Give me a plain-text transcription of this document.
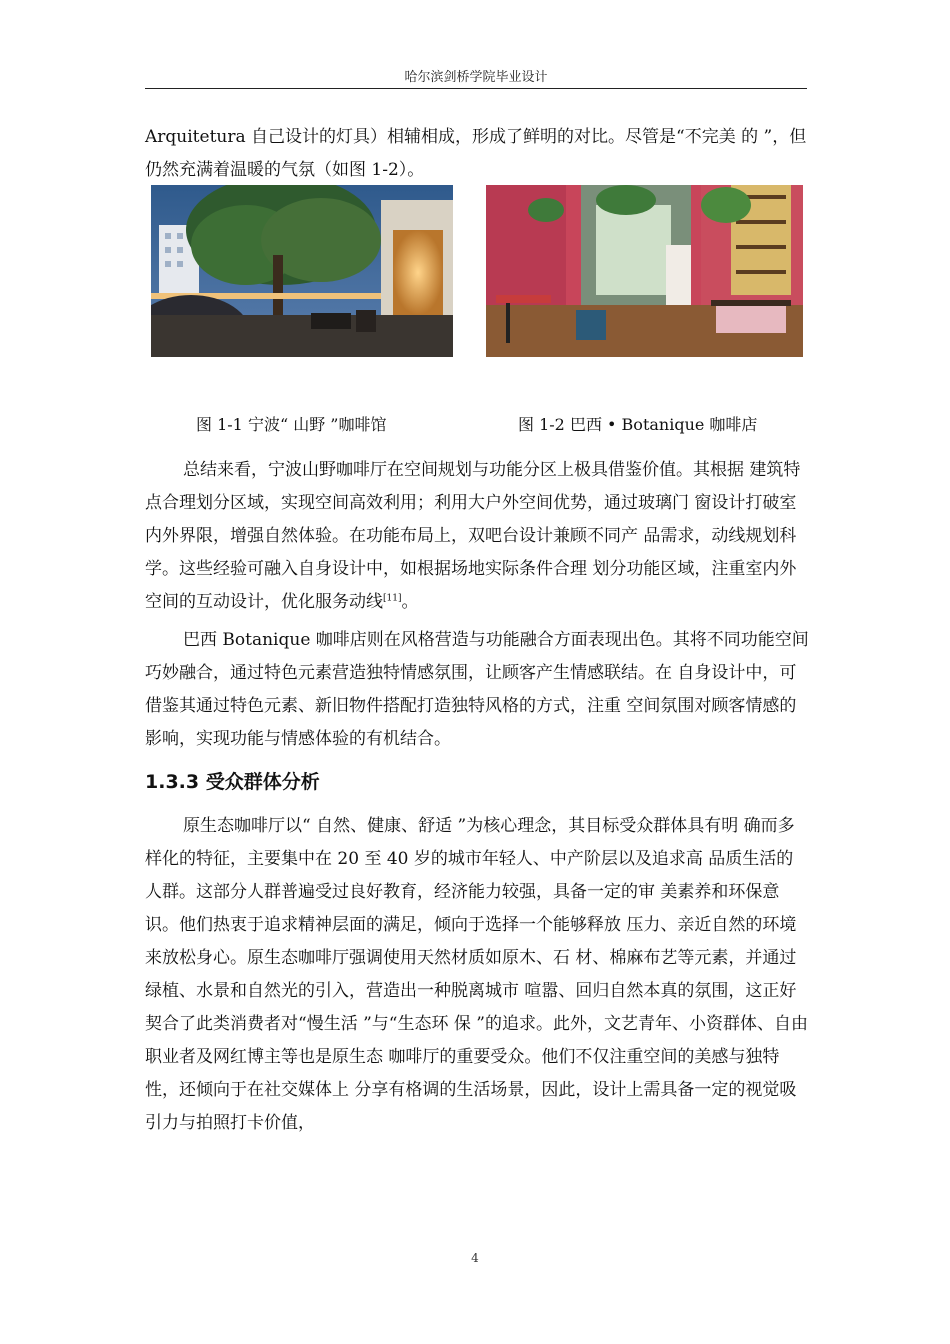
哈尔滨剑桥学院毕业设计
Arquitetura 自己设计的灯具）相辅相成，形成了鲜明的对比。尽管是“不完美 的 ”，但仍然充满着温暖的气氛（如图 1-2）。
图 1-1 宁波“ 山野 ”咖啡馆	图 1-2 巴西 • Botanique 咖啡店
总结来看，宁波山野咖啡厅在空间规划与功能分区上极具借鉴价值。其根据 建筑特点合理划分区域，实现空间高效利用；利用大户外空间优势，通过玻璃门 窗设计打破室内外界限，增强自然体验。在功能布局上，双吧台设计兼顾不同产 品需求，动线规划科学。这些经验可融入自身设计中，如根据场地实际条件合理 划分功能区域，注重室内外空间的互动设计，优化服务动线[11]。
巴西 Botanique 咖啡店则在风格营造与功能融合方面表现出色。其将不同功能空间巧妙融合，通过特色元素营造独特情感氛围，让顾客产生情感联结。在 自身设计中，可借鉴其通过特色元素、新旧物件搭配打造独特风格的方式，注重 空间氛围对顾客情感的影响，实现功能与情感体验的有机结合。
1.3.3 受众群体分析
原生态咖啡厅以“ 自然、健康、舒适 ”为核心理念，其目标受众群体具有明 确而多样化的特征，主要集中在 20 至 40 岁的城市年轻人、中产阶层以及追求高 品质生活的人群。这部分人群普遍受过良好教育，经济能力较强，具备一定的审 美素养和环保意识。他们热衷于追求精神层面的满足，倾向于选择一个能够释放 压力、亲近自然的环境来放松身心。原生态咖啡厅强调使用天然材质如原木、石 材、棉麻布艺等元素，并通过绿植、水景和自然光的引入，营造出一种脱离城市 喧嚣、回归自然本真的氛围，这正好契合了此类消费者对“慢生活 ”与“生态环 保 ”的追求。此外，文艺青年、小资群体、自由职业者及网红博主等也是原生态 咖啡厅的重要受众。他们不仅注重空间的美感与独特性，还倾向于在社交媒体上 分享有格调的生活场景，因此，设计上需具备一定的视觉吸引力与拍照打卡价值，
4
